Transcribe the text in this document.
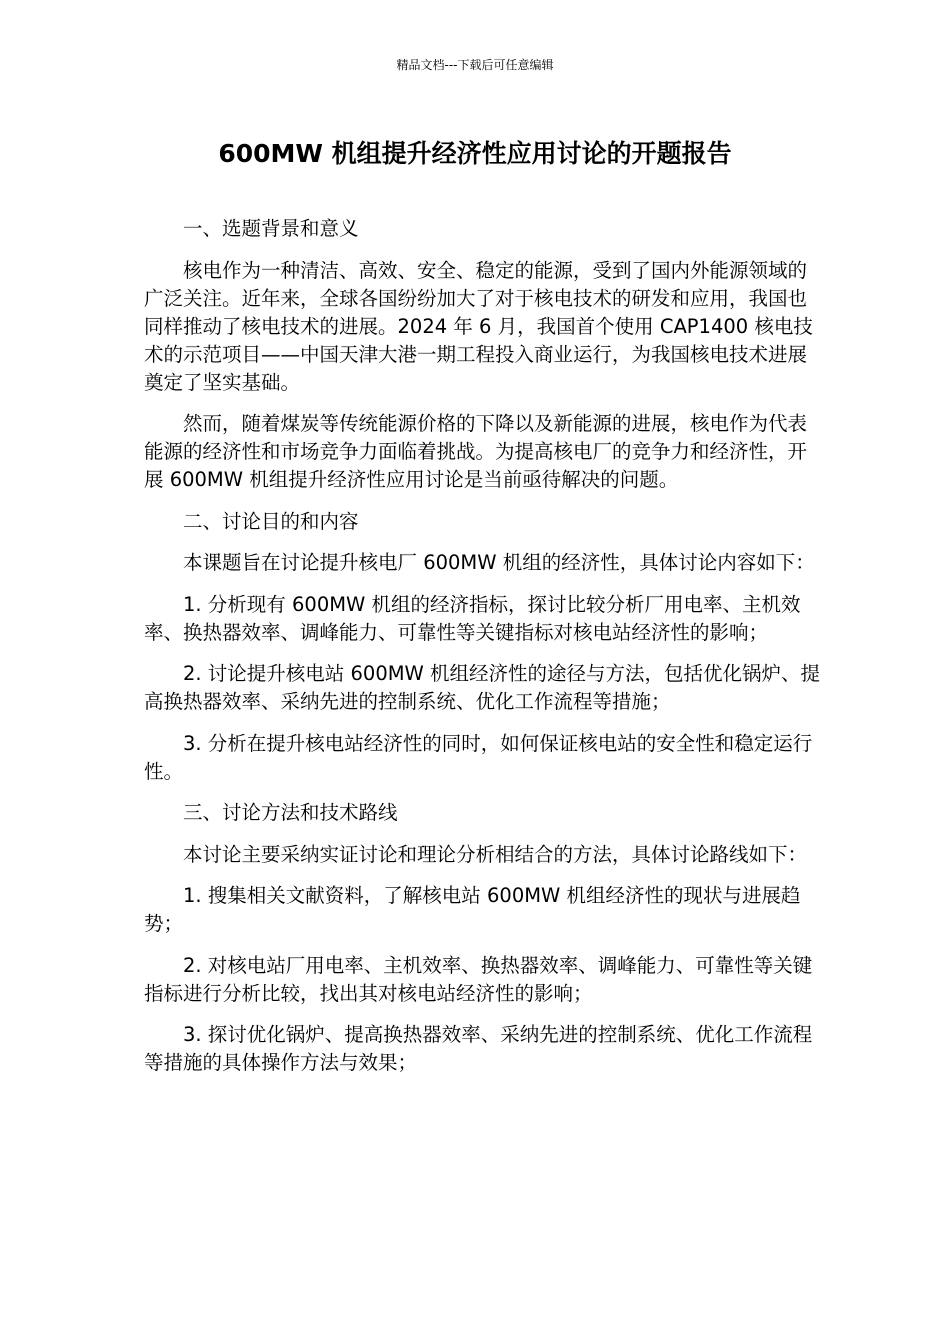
精品文档---下载后可任意编辑
600MW 机组提升经济性应用讨论的开题报告

一、选题背景和意义

核电作为一种清洁、高效、安全、稳定的能源，受到了国内外能源领域的广泛关注。近年来，全球各国纷纷加大了对于核电技术的研发和应用，我国也同样推动了核电技术的进展。2024 年 6 月，我国首个使用 CAP1400 核电技术的示范项目——中国天津大港一期工程投入商业运行，为我国核电技术进展奠定了坚实基础。

然而，随着煤炭等传统能源价格的下降以及新能源的进展，核电作为代表能源的经济性和市场竞争力面临着挑战。为提高核电厂的竞争力和经济性，开展 600MW 机组提升经济性应用讨论是当前亟待解决的问题。

二、讨论目的和内容

本课题旨在讨论提升核电厂 600MW 机组的经济性，具体讨论内容如下：

1. 分析现有 600MW 机组的经济指标，探讨比较分析厂用电率、主机效率、换热器效率、调峰能力、可靠性等关键指标对核电站经济性的影响；

2. 讨论提升核电站 600MW 机组经济性的途径与方法，包括优化锅炉、提高换热器效率、采纳先进的控制系统、优化工作流程等措施；

3. 分析在提升核电站经济性的同时，如何保证核电站的安全性和稳定运行性。

三、讨论方法和技术路线

本讨论主要采纳实证讨论和理论分析相结合的方法，具体讨论路线如下：

1. 搜集相关文献资料，了解核电站 600MW 机组经济性的现状与进展趋势；

2. 对核电站厂用电率、主机效率、换热器效率、调峰能力、可靠性等关键指标进行分析比较，找出其对核电站经济性的影响；

3. 探讨优化锅炉、提高换热器效率、采纳先进的控制系统、优化工作流程等措施的具体操作方法与效果；
